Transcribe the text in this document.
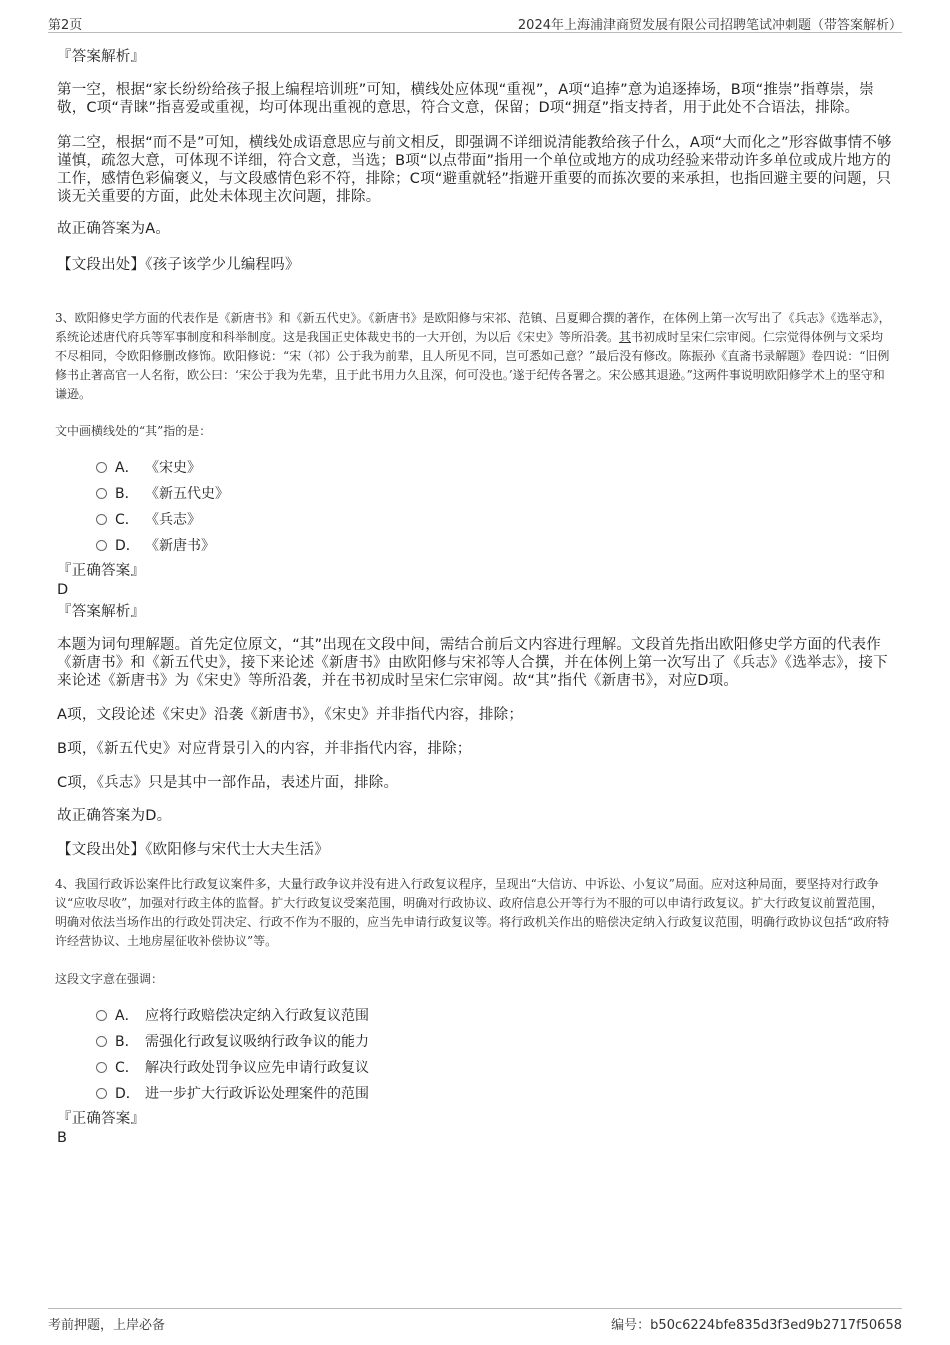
第2页	2024年上海浦津商贸发展有限公司招聘笔试冲刺题（带答案解析）

『答案解析』

第一空，根据“家长纷纷给孩子报上编程培训班”可知，横线处应体现“重视”，A项“追捧”意为追逐捧场，B项“推崇”指尊崇，崇敬，C项“青睐”指喜爱或重视，均可体现出重视的意思，符合文意，保留；D项“拥趸”指支持者，用于此处不合语法，排除。

第二空，根据“而不是”可知，横线处成语意思应与前文相反，即强调不详细说清能教给孩子什么，A项“大而化之”形容做事情不够谨慎，疏忽大意，可体现不详细，符合文意，当选；B项“以点带面”指用一个单位或地方的成功经验来带动许多单位或成片地方的工作，感情色彩偏褒义，与文段感情色彩不符，排除；C项“避重就轻”指避开重要的而拣次要的来承担，也指回避主要的问题，只谈无关重要的方面，此处未体现主次问题，排除。

故正确答案为A。

【文段出处】《孩子该学少儿编程吗》

3、欧阳修史学方面的代表作是《新唐书》和《新五代史》。《新唐书》是欧阳修与宋祁、范镇、吕夏卿合撰的著作，在体例上第一次写出了《兵志》《选举志》，系统论述唐代府兵等军事制度和科举制度。这是我国正史体裁史书的一大开创，为以后《宋史》等所沿袭。其书初成时呈宋仁宗审阅。仁宗觉得体例与文采均不尽相同，令欧阳修删改修饰。欧阳修说：“宋（祁）公于我为前辈，且人所见不同，岂可悉如己意？”最后没有修改。陈振孙《直斋书录解题》卷四说：“旧例修书止著高官一人名衔，欧公曰：‘宋公于我为先辈，且于此书用力久且深，何可没也。’遂于纪传各署之。宋公感其退逊。”这两件事说明欧阳修学术上的坚守和谦逊。

文中画横线处的“其”指的是：

A． 《宋史》
B． 《新五代史》
C． 《兵志》
D． 《新唐书》

『正确答案』

D

『答案解析』

本题为词句理解题。首先定位原文，“其”出现在文段中间，需结合前后文内容进行理解。文段首先指出欧阳修史学方面的代表作《新唐书》和《新五代史》，接下来论述《新唐书》由欧阳修与宋祁等人合撰，并在体例上第一次写出了《兵志》《选举志》，接下来论述《新唐书》为《宋史》等所沿袭，并在书初成时呈宋仁宗审阅。故“其”指代《新唐书》，对应D项。

A项，文段论述《宋史》沿袭《新唐书》，《宋史》并非指代内容，排除；

B项，《新五代史》对应背景引入的内容，并非指代内容，排除；

C项，《兵志》只是其中一部作品，表述片面，排除。

故正确答案为D。

【文段出处】《欧阳修与宋代士大夫生活》

4、我国行政诉讼案件比行政复议案件多，大量行政争议并没有进入行政复议程序，呈现出“大信访、中诉讼、小复议”局面。应对这种局面，要坚持对行政争议“应收尽收”，加强对行政主体的监督。扩大行政复议受案范围，明确对行政协议、政府信息公开等行为不服的可以申请行政复议。扩大行政复议前置范围，明确对依法当场作出的行政处罚决定、行政不作为不服的，应当先申请行政复议等。将行政机关作出的赔偿决定纳入行政复议范围，明确行政协议包括“政府特许经营协议、土地房屋征收补偿协议”等。

这段文字意在强调：

A． 应将行政赔偿决定纳入行政复议范围
B． 需强化行政复议吸纳行政争议的能力
C． 解决行政处罚争议应先申请行政复议
D． 进一步扩大行政诉讼处理案件的范围

『正确答案』

B

考前押题，上岸必备	编号：b50c6224bfe835d3f3ed9b2717f50658
